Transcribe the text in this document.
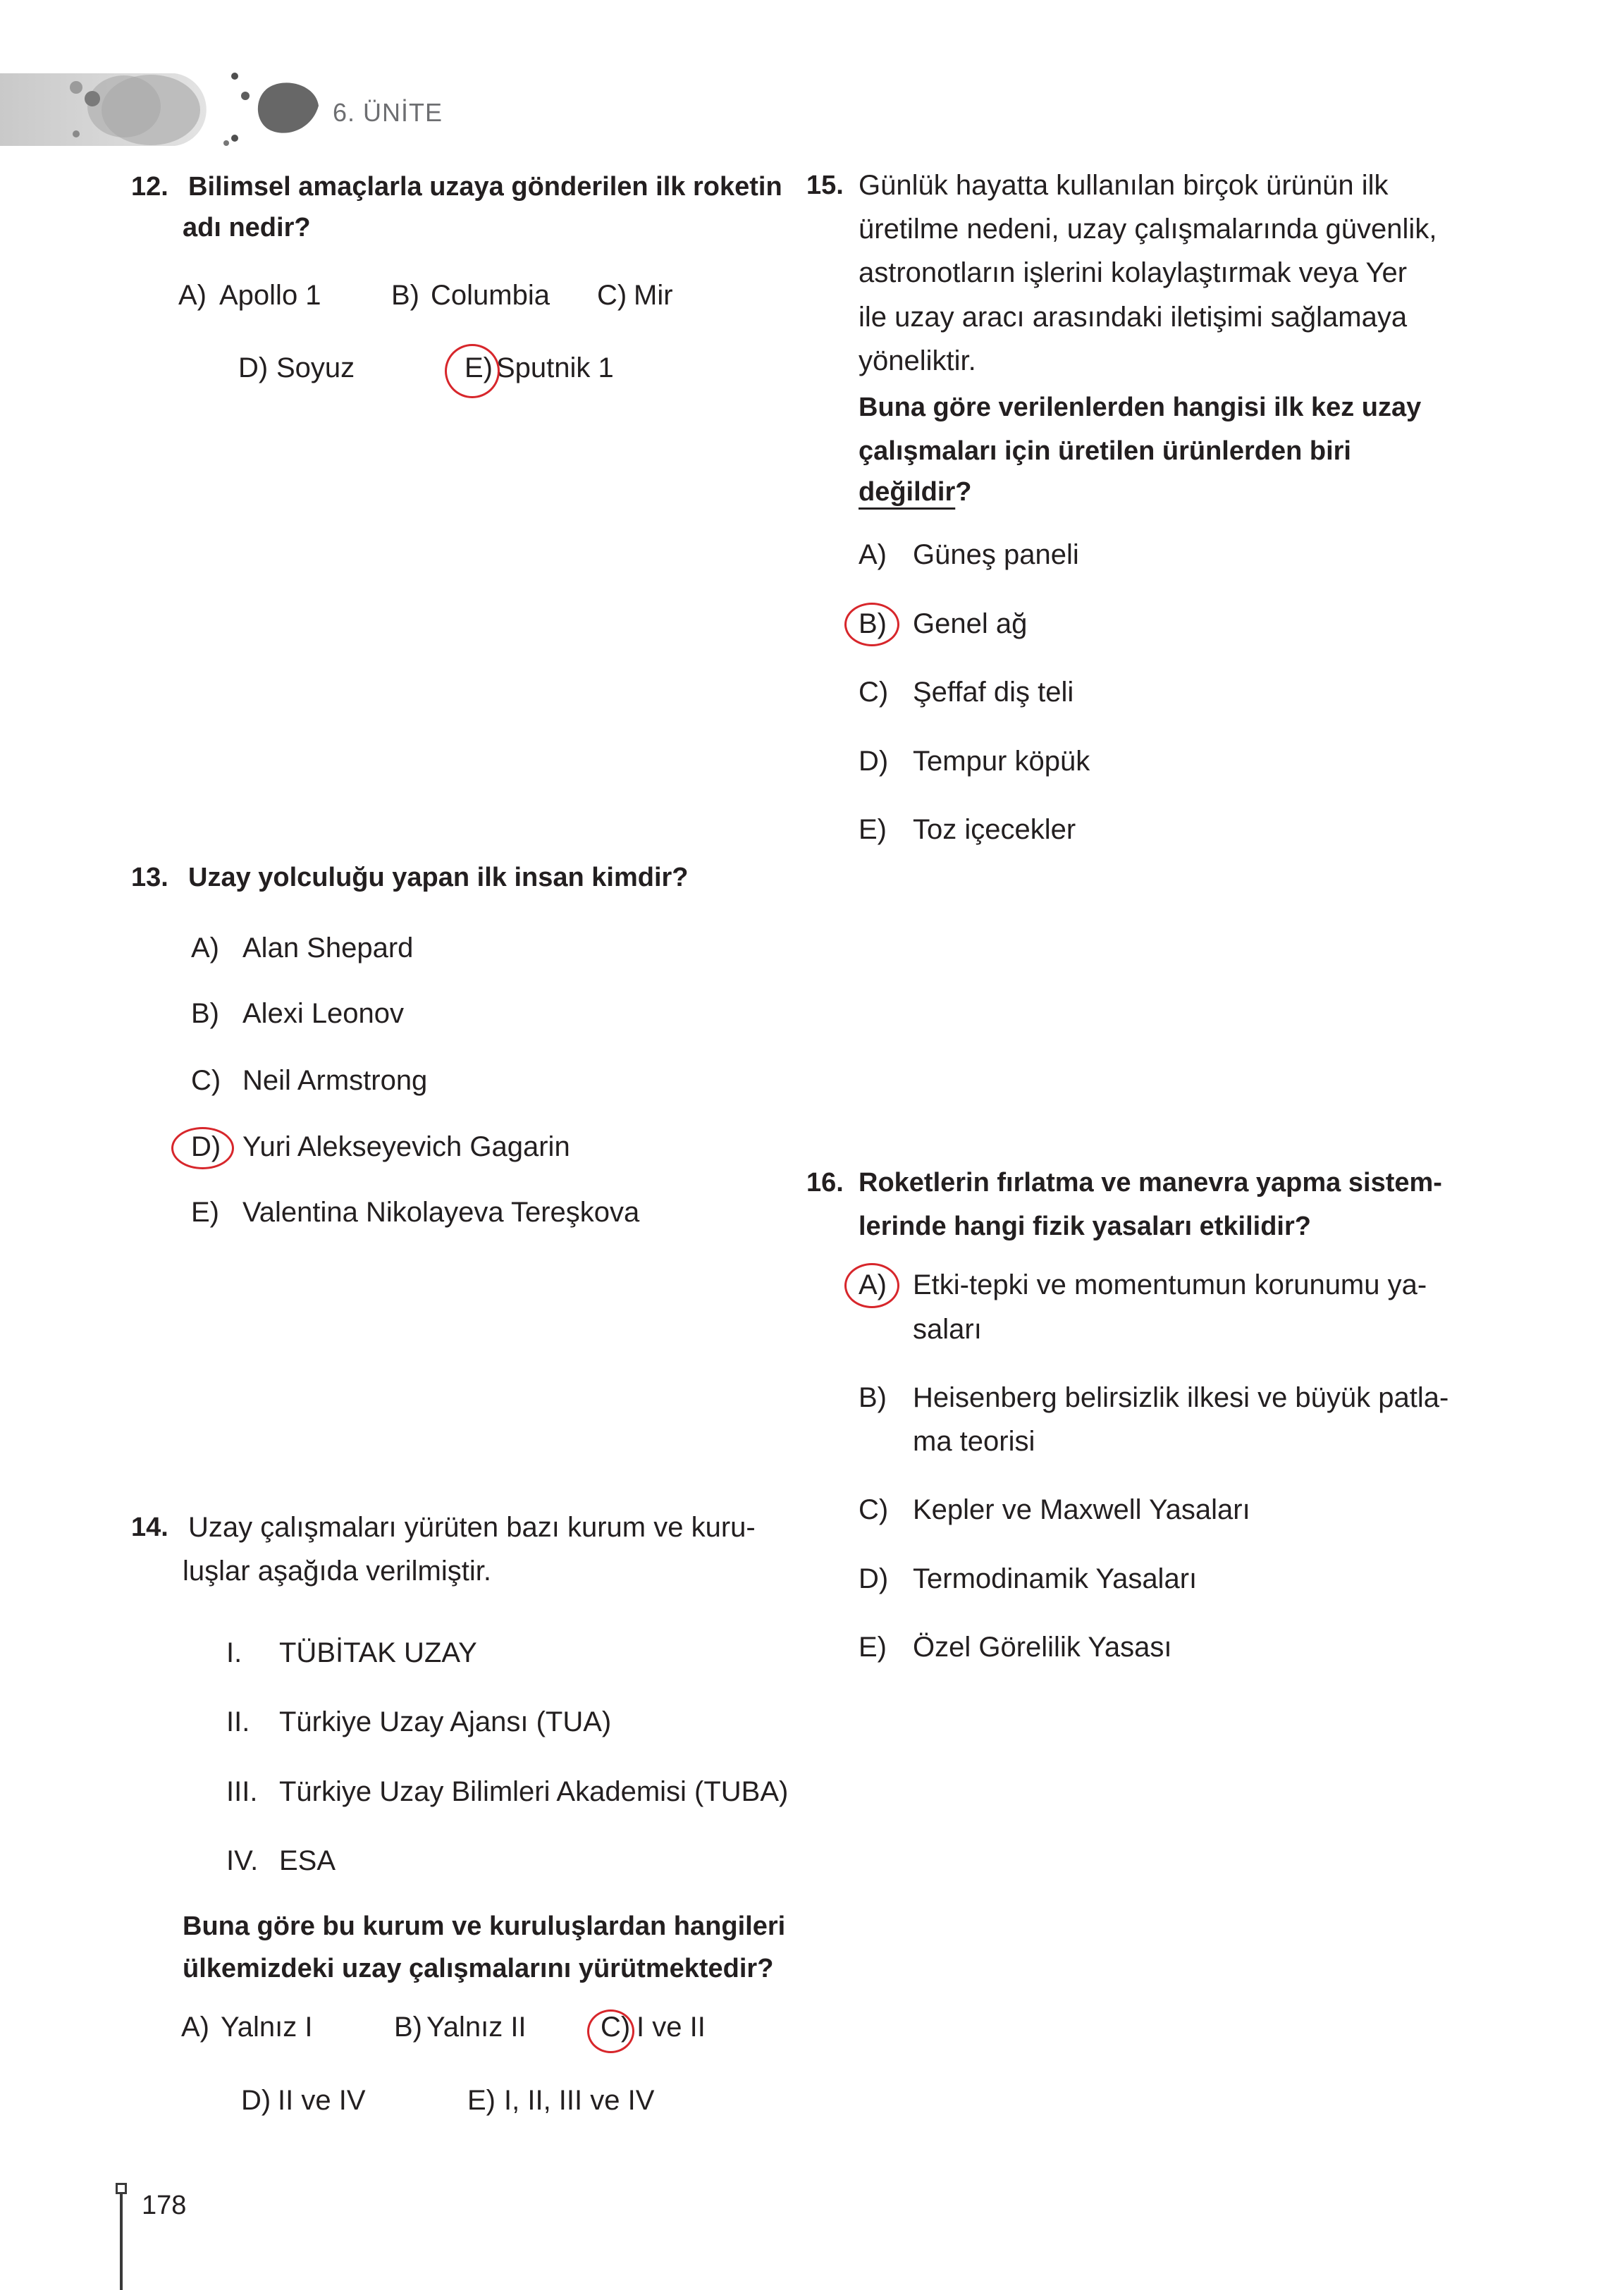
6. ÜNİTE
12. Bilimsel amaçlarla uzaya gönderilen ilk roketin
adı nedir?
A) Apollo 1 B) Columbia C) Mir
D) Soyuz	E) Sputnik 1
15. Günlük hayatta kullanılan birçok ürünün ilk
üretilme nedeni, uzay çalışmalarında güvenlik,
astronotların işlerini kolaylaştırmak veya Yer
ile uzay aracı arasındaki iletişimi sağlamaya
yöneliktir.
Buna göre verilenlerden hangisi ilk kez uzay
çalışmaları için üretilen ürünlerden biri
değildir?
A) Güneş paneli
B) Genel ağ
C) Şeffaf diş teli
D) Tempur köpük
E) Toz içecekler
13. Uzay yolculuğu yapan ilk insan kimdir?
A) Alan Shepard
B) Alexi Leonov
C) Neil Armstrong
D) Yuri Alekseyevich Gagarin
E) Valentina Nikolayeva Tereşkova
16. Roketlerin fırlatma ve manevra yapma sistem-
lerinde hangi fizik yasaları etkilidir?
A) Etki-tepki ve momentumun korunumu ya-
saları
B) Heisenberg belirsizlik ilkesi ve büyük patla-
ma teorisi
C) Kepler ve Maxwell Yasaları
D) Termodinamik Yasaları
E) Özel Görelilik Yasası
14. Uzay çalışmaları yürüten bazı kurum ve kuru-
luşlar aşağıda verilmiştir.
I. TÜBİTAK UZAY
II. Türkiye Uzay Ajansı (TUA)
III. Türkiye Uzay Bilimleri Akademisi (TUBA)
IV. ESA
Buna göre bu kurum ve kuruluşlardan hangileri
ülkemizdeki uzay çalışmalarını yürütmektedir?
A) Yalnız I	B) Yalnız II	C) I ve II
D) II ve IV	E) I, II, III ve IV
178
